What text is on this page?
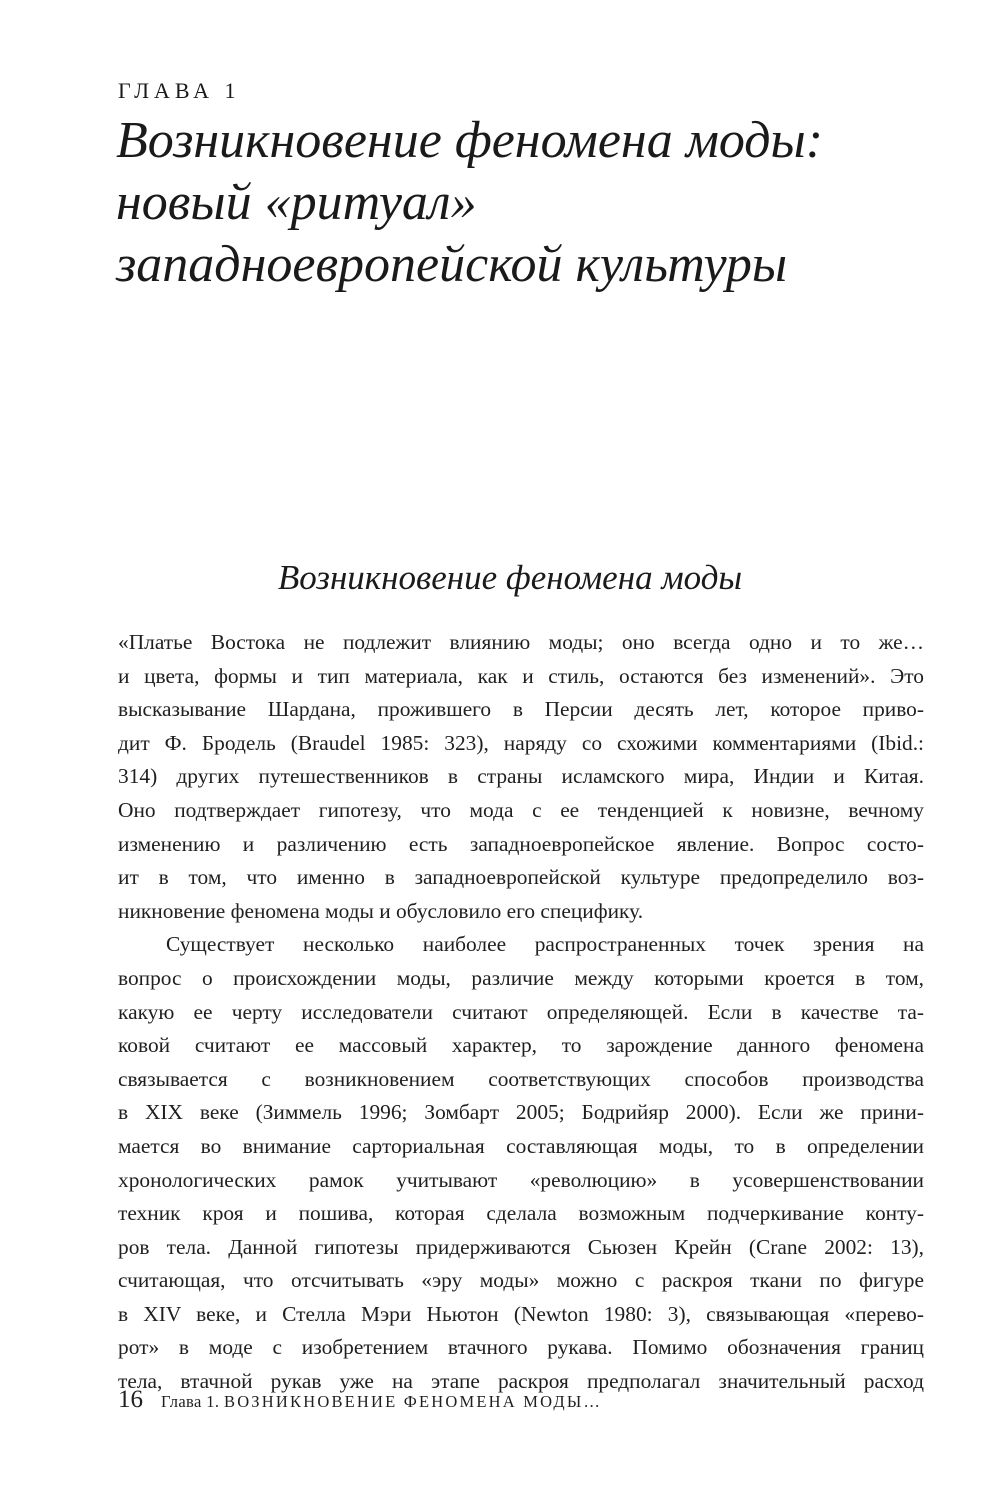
ГЛАВА 1
Возникновение феномена моды:
новый «ритуал»
западноевропейской культуры
Возникновение феномена моды
«Платье Востока не подлежит влиянию моды; оно всегда одно и то же…
и цвета, формы и тип материала, как и стиль, остаются без изменений». Это
высказывание Шардана, прожившего в Персии десять лет, которое приво-
дит Ф. Бродель (Braudel 1985: 323), наряду со схожими комментариями (Ibid.:
314) других путешественников в страны исламского мира, Индии и Китая.
Оно подтверждает гипотезу, что мода с ее тенденцией к новизне, вечному
изменению и различению есть западноевропейское явление. Вопрос состо-
ит в том, что именно в западноевропейской культуре предопределило воз-
никновение феномена моды и обусловило его специфику.
Существует несколько наиболее распространенных точек зрения на
вопрос о происхождении моды, различие между которыми кроется в том,
какую ее черту исследователи считают определяющей. Если в качестве та-
ковой считают ее массовый характер, то зарождение данного феномена
связывается с возникновением соответствующих способов производства
в XIX веке (Зиммель 1996; Зомбарт 2005; Бодрийяр 2000). Если же прини-
мается во внимание сарториальная составляющая моды, то в определении
хронологических рамок учитывают «революцию» в усовершенствовании
техник кроя и пошива, которая сделала возможным подчеркивание конту-
ров тела. Данной гипотезы придерживаются Сьюзен Крейн (Crane 2002: 13),
считающая, что отсчитывать «эру моды» можно с раскроя ткани по фигуре
в XIV веке, и Стелла Мэри Ньютон (Newton 1980: 3), связывающая «перево-
рот» в моде с изобретением втачного рукава. Помимо обозначения границ
тела, втачной рукав уже на этапе раскроя предполагал значительный расход
16 Глава 1. ВОЗНИКНОВЕНИЕ ФЕНОМЕНА МОДЫ…
